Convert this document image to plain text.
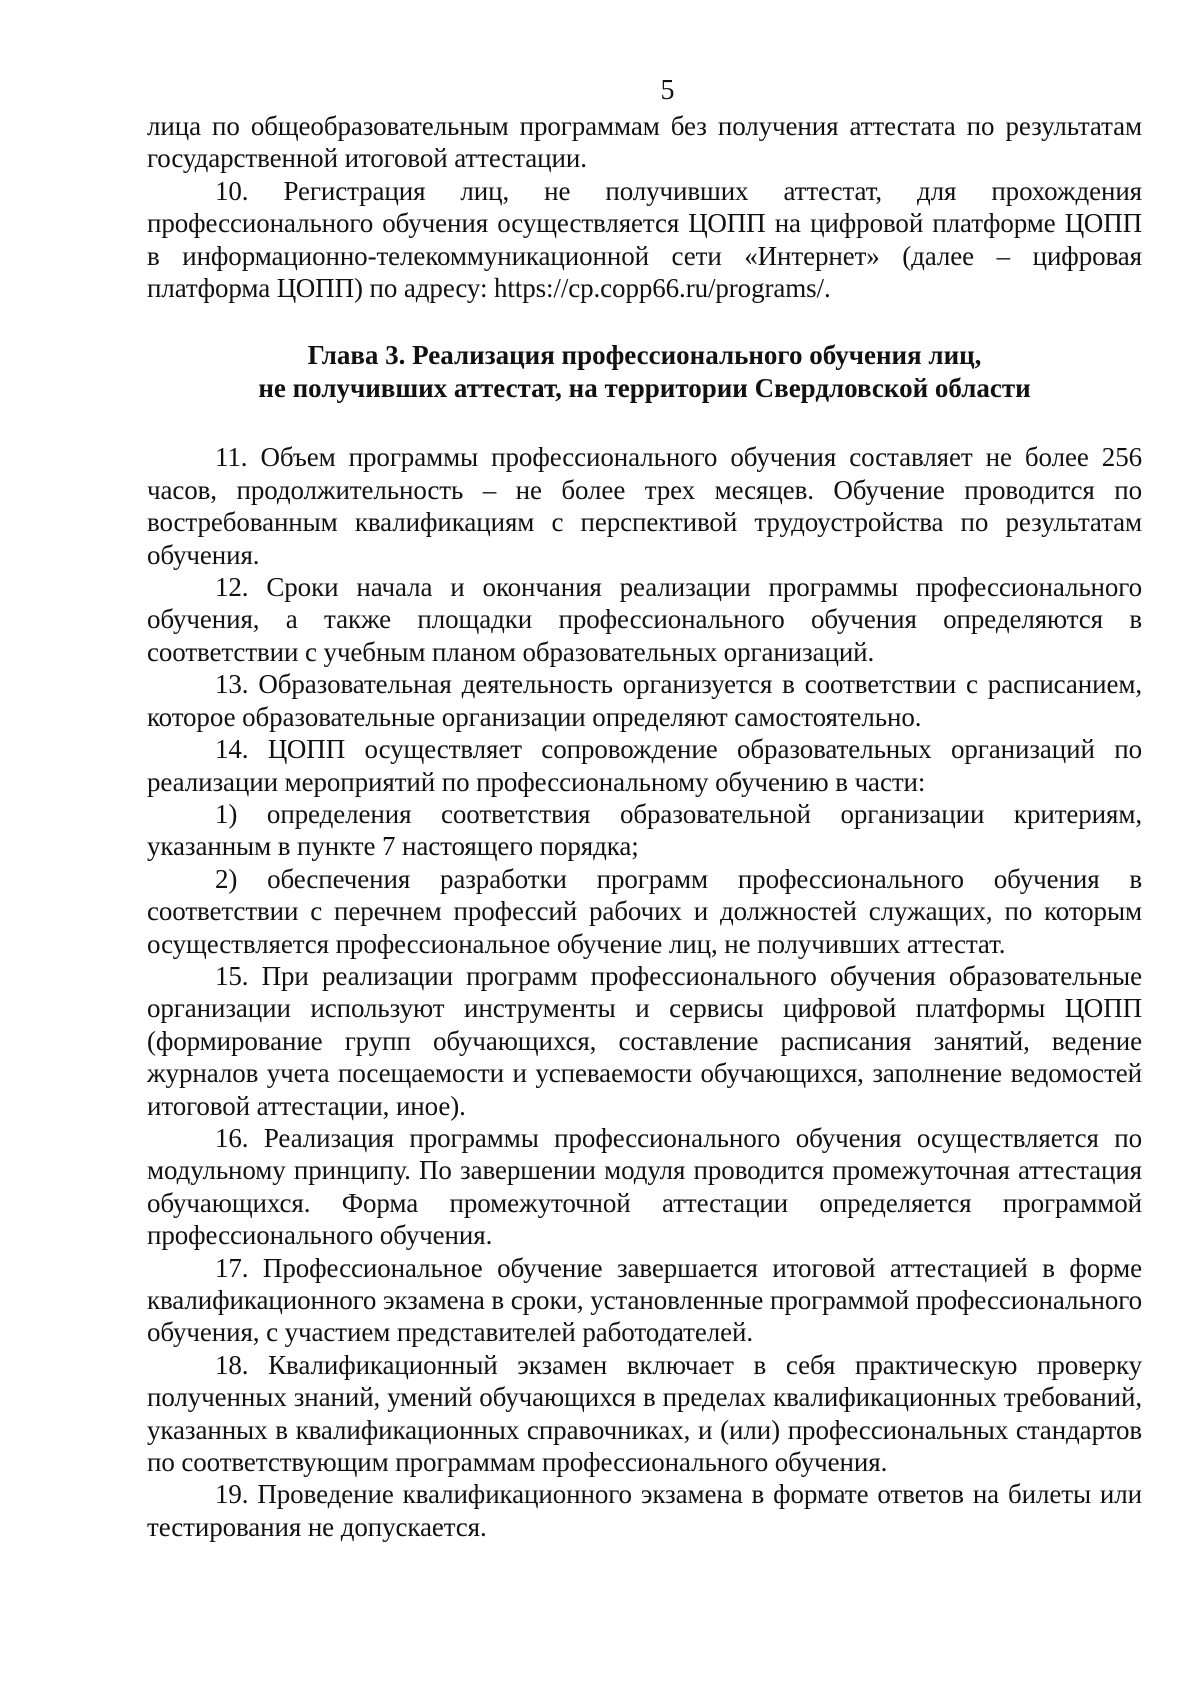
5

лица по общеобразовательным программам без получения аттестата по результатам государственной итоговой аттестации.

10. Регистрация лиц, не получивших аттестат, для прохождения профессионального обучения осуществляется ЦОПП на цифровой платформе ЦОПП в информационно-телекоммуникационной сети «Интернет» (далее – цифровая платформа ЦОПП) по адресу: https://cp.copp66.ru/programs/.

Глава 3. Реализация профессионального обучения лиц,
не получивших аттестат, на территории Свердловской области

11. Объем программы профессионального обучения составляет не более 256 часов, продолжительность – не более трех месяцев. Обучение проводится по востребованным квалификациям с перспективой трудоустройства по результатам обучения.

12. Сроки начала и окончания реализации программы профессионального обучения, а также площадки профессионального обучения определяются в соответствии с учебным планом образовательных организаций.

13. Образовательная деятельность организуется в соответствии с расписанием, которое образовательные организации определяют самостоятельно.

14. ЦОПП осуществляет сопровождение образовательных организаций по реализации мероприятий по профессиональному обучению в части:

1) определения соответствия образовательной организации критериям, указанным в пункте 7 настоящего порядка;

2) обеспечения разработки программ профессионального обучения в соответствии с перечнем профессий рабочих и должностей служащих, по которым осуществляется профессиональное обучение лиц, не получивших аттестат.

15. При реализации программ профессионального обучения образовательные организации используют инструменты и сервисы цифровой платформы ЦОПП (формирование групп обучающихся, составление расписания занятий, ведение журналов учета посещаемости и успеваемости обучающихся, заполнение ведомостей итоговой аттестации, иное).

16. Реализация программы профессионального обучения осуществляется по модульному принципу. По завершении модуля проводится промежуточная аттестация обучающихся. Форма промежуточной аттестации определяется программой профессионального обучения.

17. Профессиональное обучение завершается итоговой аттестацией в форме квалификационного экзамена в сроки, установленные программой профессионального обучения, с участием представителей работодателей.

18. Квалификационный экзамен включает в себя практическую проверку полученных знаний, умений обучающихся в пределах квалификационных требований, указанных в квалификационных справочниках, и (или) профессиональных стандартов по соответствующим программам профессионального обучения.

19. Проведение квалификационного экзамена в формате ответов на билеты или тестирования не допускается.
